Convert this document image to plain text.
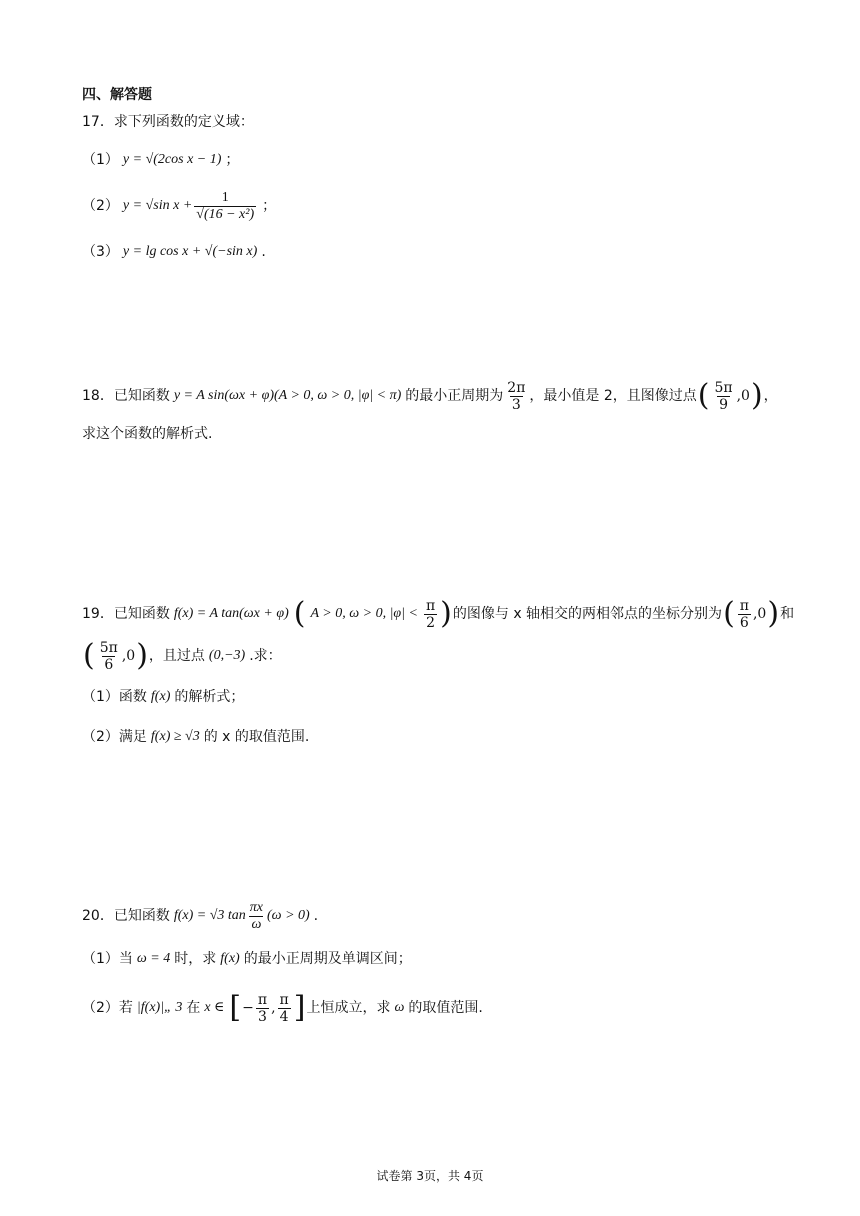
四、解答题
17．求下列函数的定义域：
（1） y = √(2cos x − 1) ；
（2） y = √sin $x + \frac{1}{\text{√(16 − x²)}}$ ；
（3） y = lg cos x + √(−sin x) .
18．已知函数 y = A sin(ωx + φ)(A > 0, ω > 0, |φ| < π) 的最小正周期为 $\frac{2\pi}{3}$ ，最小值是 2，且图像过点 ( $\frac{5\pi}{9} ,0$ ) ，
求这个函数的解析式.
19．已知函数 f(x) = A tan(ωx + φ) ( A > 0, ω > 0, $|\varphi| < \frac{\pi}{2}$ ) 的图像与 x 轴相交的两相邻点的坐标分别为 ( $\frac{\pi}{6} ,0$ ) 和
( $\frac{5\pi}{6} ,0$ ) ，且过点 (0,−3) .求：
（1） 函数 f(x) 的解析式；
（2） 满足 f(x) ≥ √3 的 x 的取值范围.
20．已知函数 f(x) = √3 $\tan \frac{\pi x}{\omega} (\omega > 0)$ .
（1） 当 ω = 4 时，求 f(x) 的最小正周期及单调区间；
（2） 若 |f(x)|„ 3 在 x ∈ [ − $\frac{\pi}{3}$ , $\frac{\pi}{4}$ ] 上恒成立，求 ω 的取值范围.
试卷第 3页，共 4页
